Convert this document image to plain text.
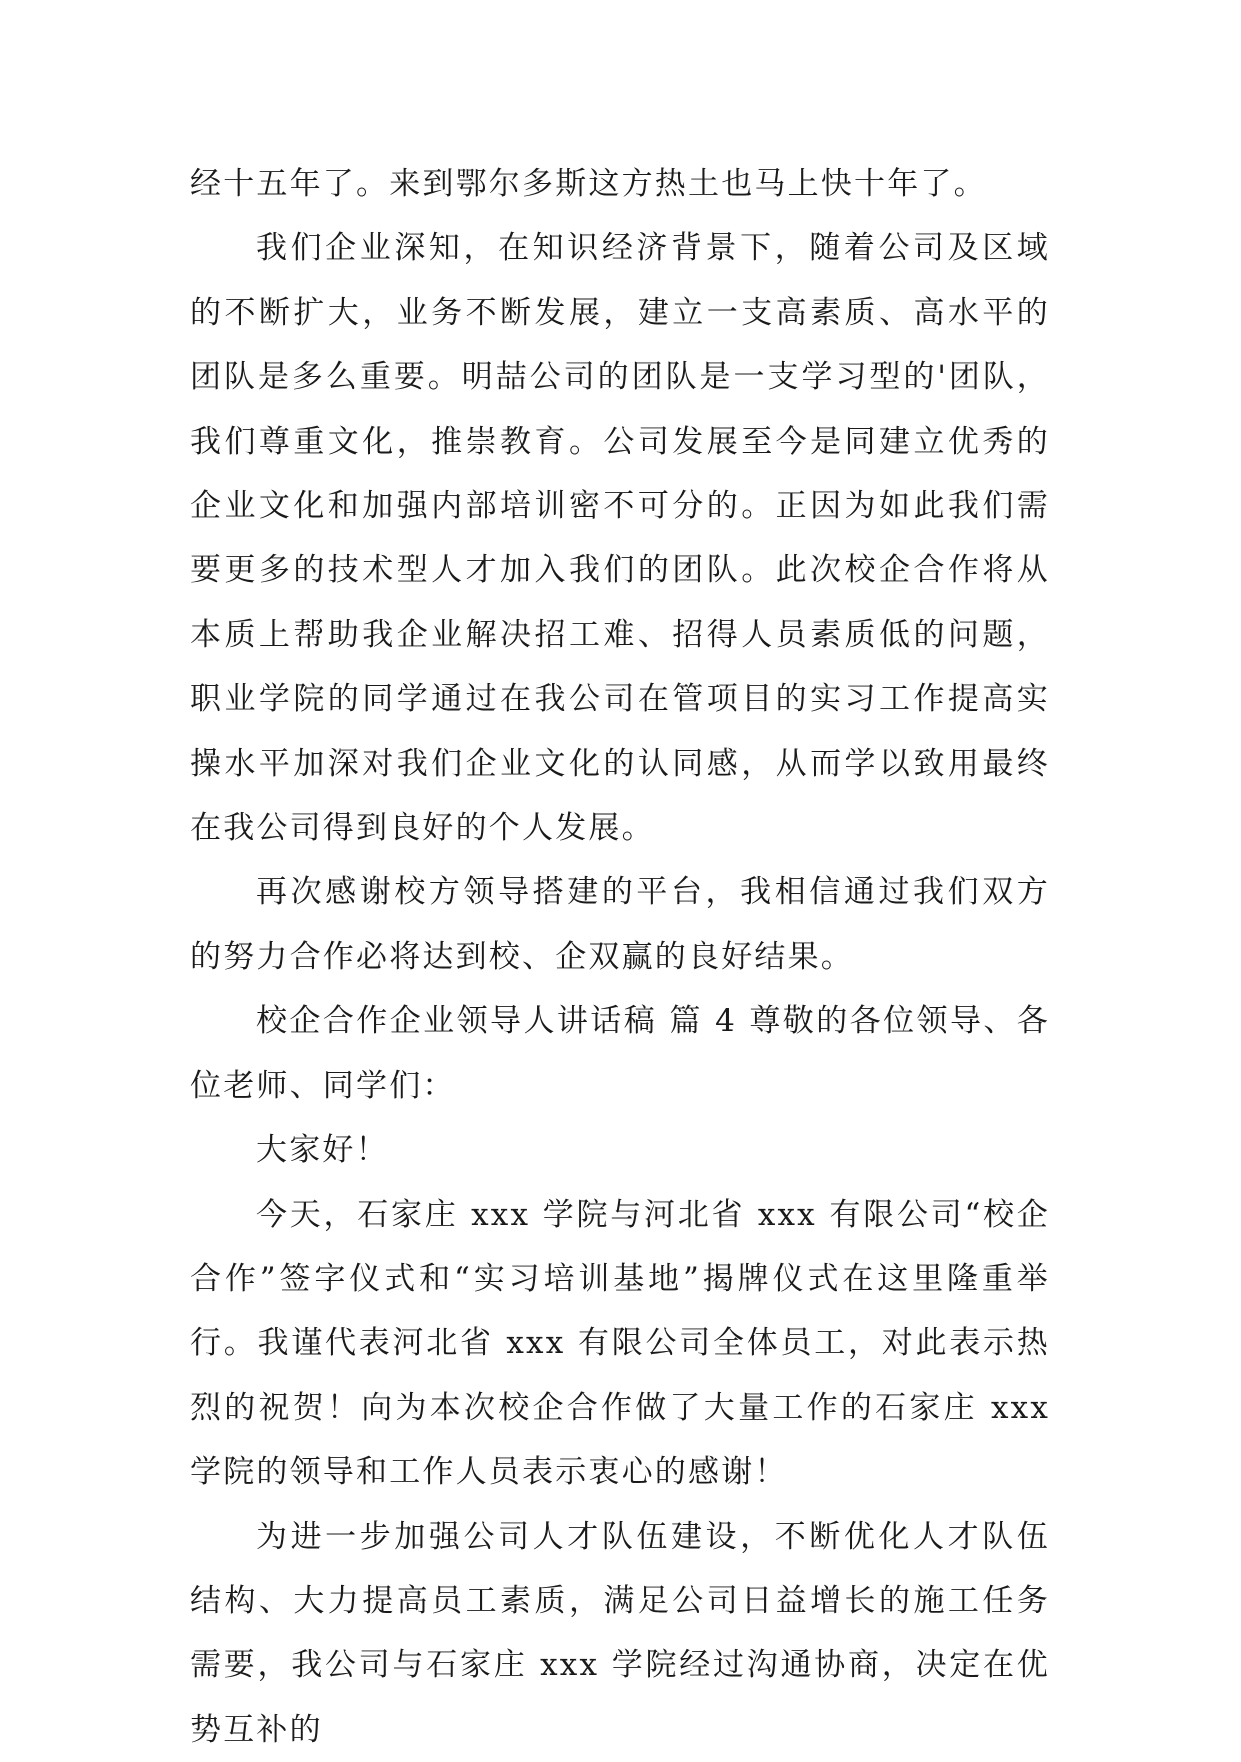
经十五年了。来到鄂尔多斯这方热土也马上快十年了。

我们企业深知，在知识经济背景下，随着公司及区域的不断扩大，业务不断发展，建立一支高素质、高水平的团队是多么重要。明喆公司的团队是一支学习型的'团队，我们尊重文化，推崇教育。公司发展至今是同建立优秀的企业文化和加强内部培训密不可分的。正因为如此我们需要更多的技术型人才加入我们的团队。此次校企合作将从本质上帮助我企业解决招工难、招得人员素质低的问题，职业学院的同学通过在我公司在管项目的实习工作提高实操水平加深对我们企业文化的认同感，从而学以致用最终在我公司得到良好的个人发展。

再次感谢校方领导搭建的平台，我相信通过我们双方的努力合作必将达到校、企双赢的良好结果。

校企合作企业领导人讲话稿 篇 4 尊敬的各位领导、各位老师、同学们：

大家好！

今天，石家庄 xxx 学院与河北省 xxx 有限公司“校企合作”签字仪式和“实习培训基地”揭牌仪式在这里隆重举行。我谨代表河北省 xxx 有限公司全体员工，对此表示热烈的祝贺！向为本次校企合作做了大量工作的石家庄 xxx 学院的领导和工作人员表示衷心的感谢！

为进一步加强公司人才队伍建设，不断优化人才队伍结构、大力提高员工素质，满足公司日益增长的施工任务需要，我公司与石家庄 xxx 学院经过沟通协商，决定在优势互补的
